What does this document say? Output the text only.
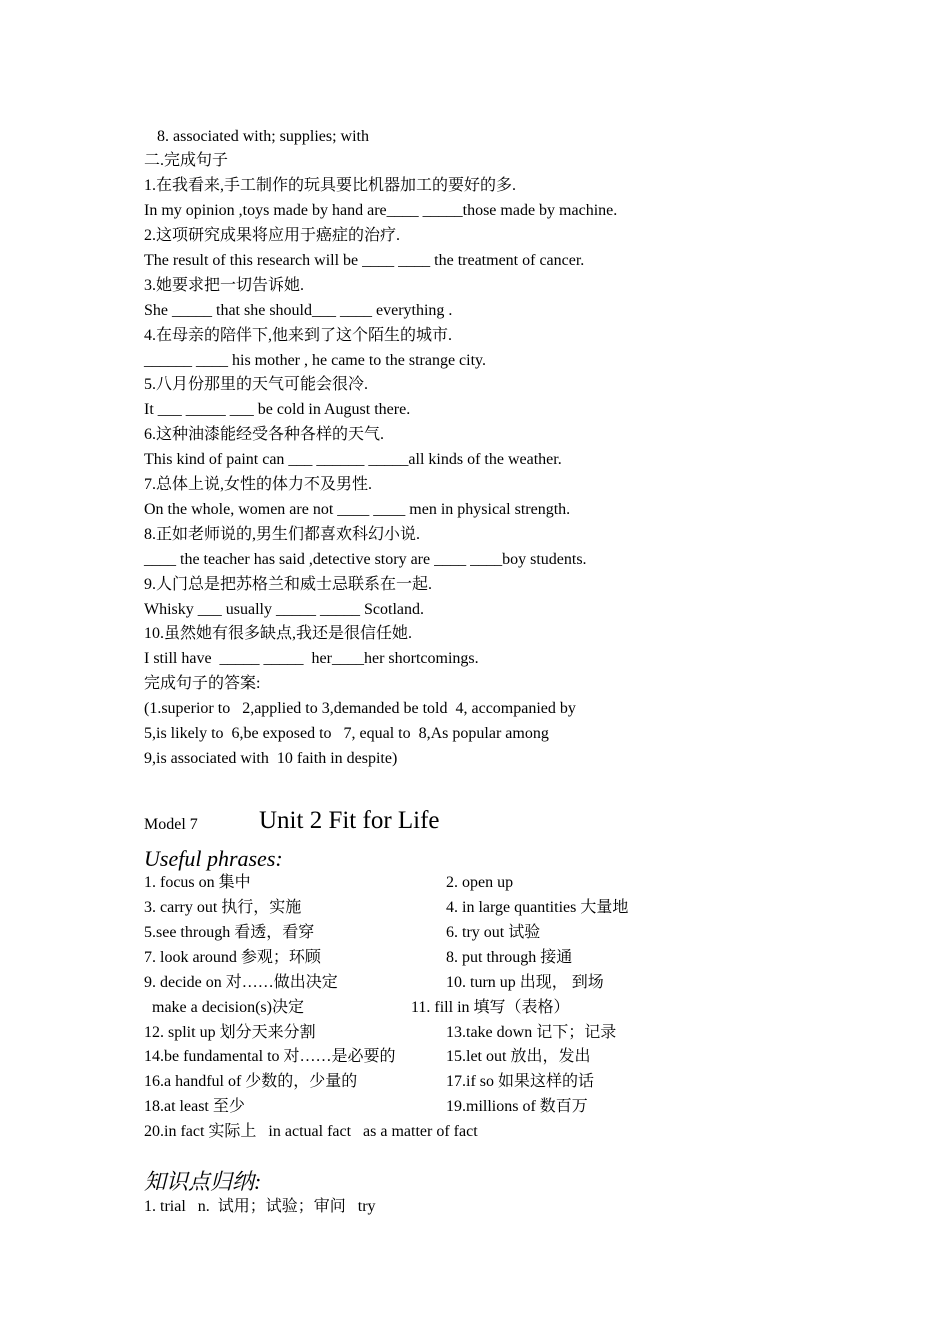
8. associated with; supplies; with
二.完成句子
1.在我看来,手工制作的玩具要比机器加工的要好的多.
In my opinion ,toys made by hand are____ _____those made by machine.
2.这项研究成果将应用于癌症的治疗.
The result of this research will be ____ ____ the treatment of cancer.
3.她要求把一切告诉她.
She _____ that she should___ ____ everything .
4.在母亲的陪伴下,他来到了这个陌生的城市.
______ ____ his mother , he came to the strange city.
5.八月份那里的天气可能会很冷.
It ___ _____ ___ be cold in August there.
6.这种油漆能经受各种各样的天气.
This kind of paint can ___ ______ _____all kinds of the weather.
7.总体上说,女性的体力不及男性.
On the whole, women are not ____ ____ men in physical strength.
8.正如老师说的,男生们都喜欢科幻小说.
____ the teacher has said ,detective story are ____ ____boy students.
9.人门总是把苏格兰和威士忌联系在一起.
Whisky ___ usually _____ _____ Scotland.
10.虽然她有很多缺点,我还是很信任她.
I still have  _____ _____  her____her shortcomings.
完成句子的答案:
(1.superior to   2,applied to 3,demanded be told  4, accompanied by
5,is likely to  6,be exposed to   7, equal to  8,As popular among
9,is associated with  10 faith in despite)
Model 7 Unit 2 Fit for Life
Useful phrases:
1. focus on 集中	2. open up
3. carry out 执行，实施	4. in large quantities 大量地
5.see through 看透，看穿	6. try out 试验
7. look around 参观；环顾	8. put through 接通
9. decide on 对……做出决定	10. turn up 出现， 到场
make a decision(s)决定	11. fill in 填写（表格）
12. split up 划分天来分割	13.take down 记下；记录
14.be fundamental to 对……是必要的	15.let out 放出，发出
16.a handful of 少数的，少量的	17.if so 如果这样的话
18.at least 至少	19.millions of 数百万
20.in fact 实际上   in actual fact   as a matter of fact
知识点归纳:
1. trial   n.  试用；试验；审问   try
